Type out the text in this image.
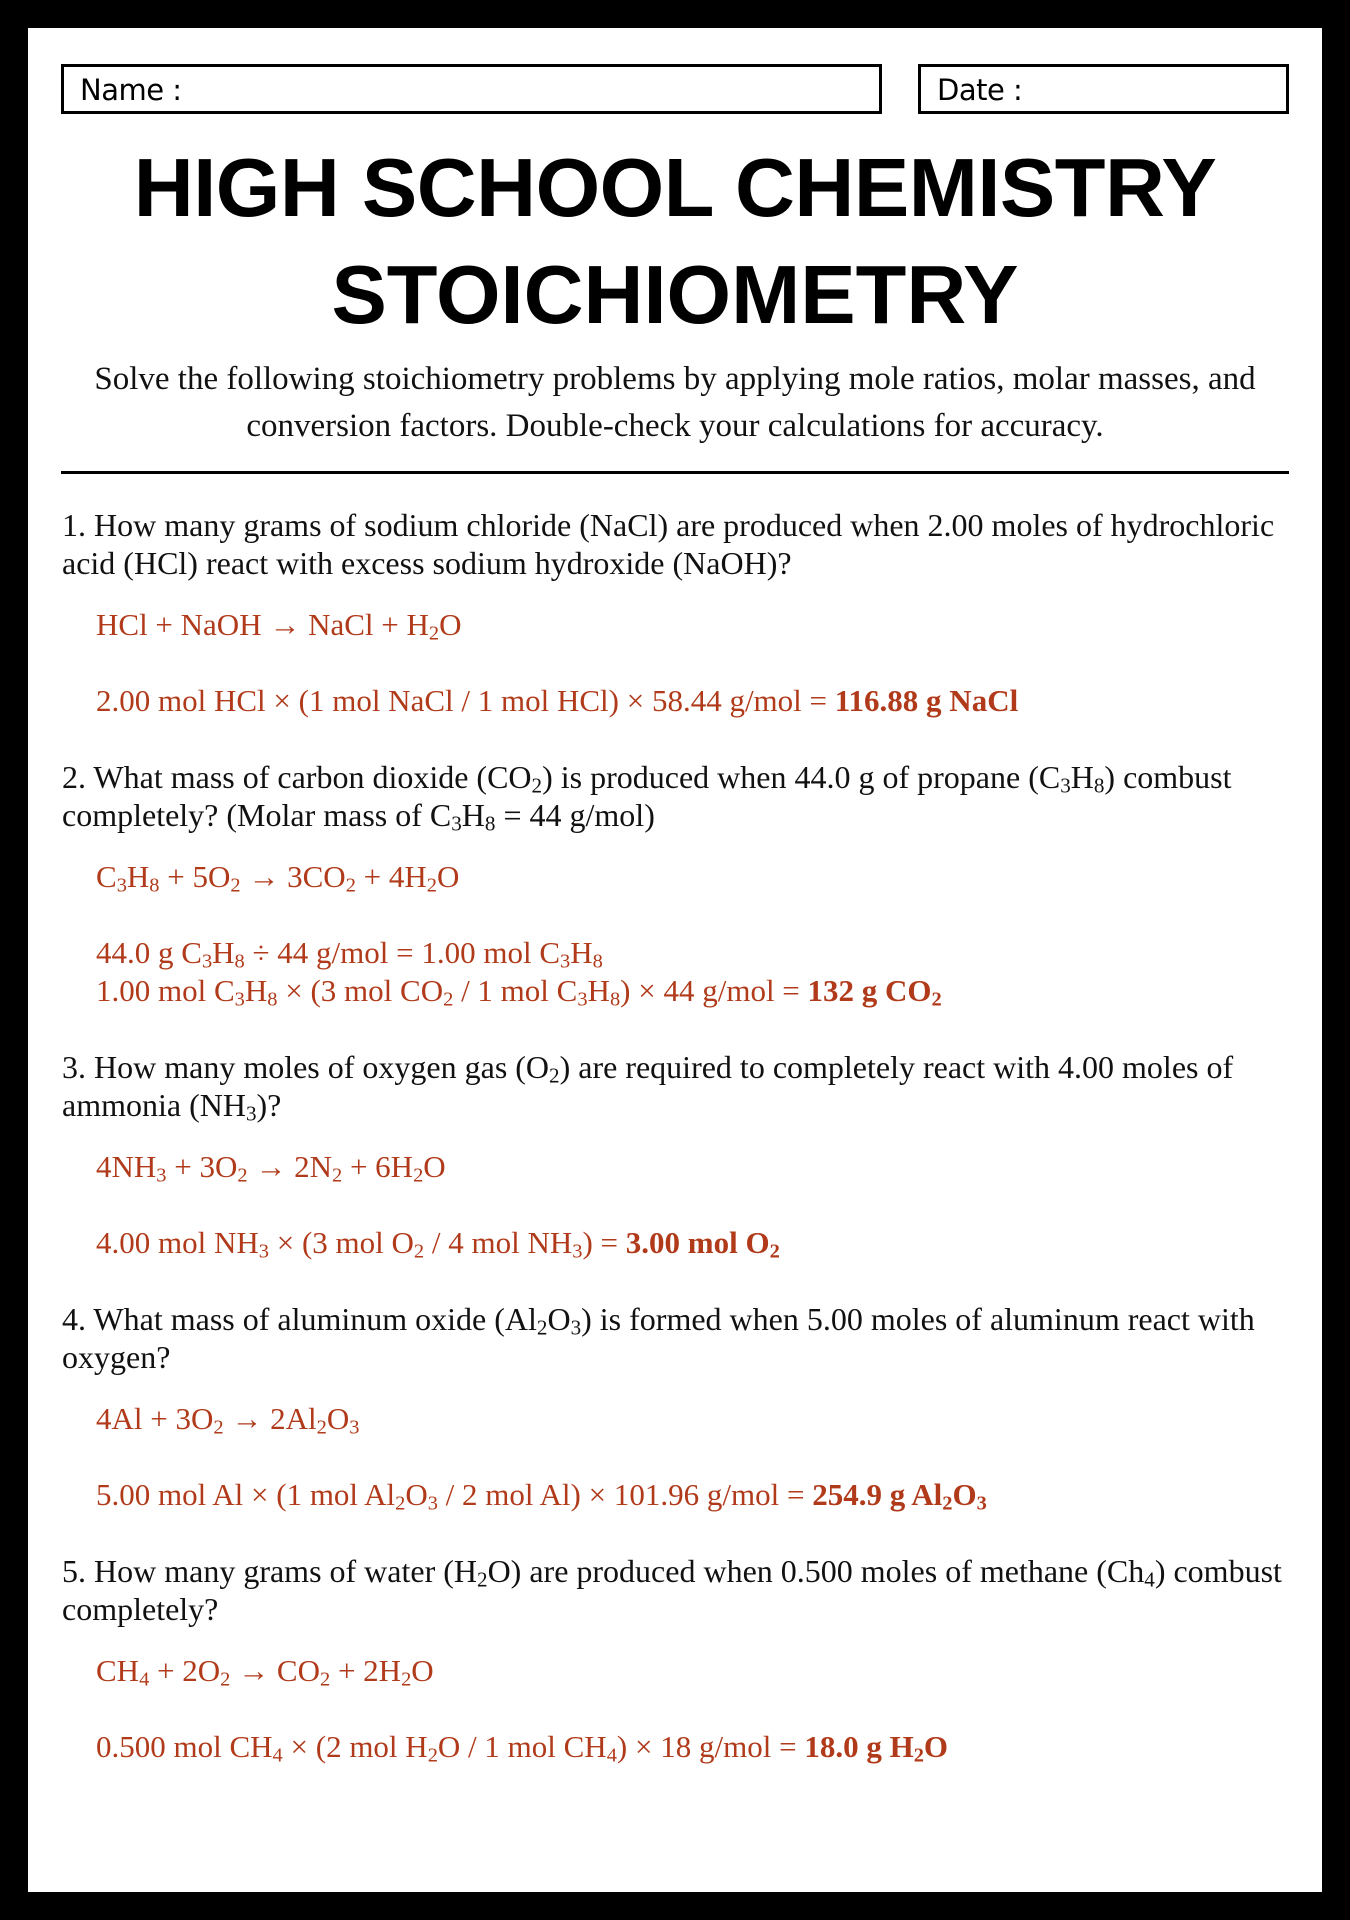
Name :	Date :
HIGH SCHOOL CHEMISTRY
STOICHIOMETRY
Solve the following stoichiometry problems by applying mole ratios, molar masses, and conversion factors. Double-check your calculations for accuracy.

1. How many grams of sodium chloride (NaCl) are produced when 2.00 moles of hydrochloric acid (HCl) react with excess sodium hydroxide (NaOH)?

HCl + NaOH → NaCl + $H_2O$

2.00 mol HCl × (1 mol NaCl / 1 mol HCl) × 58.44 g/mol = 116.88 g NaCl

2. What mass of carbon dioxide $(CO_2)$ is produced when 44.0 g of propane $(C_3H_8)$ combust completely? (Molar mass of $C_3H_8 = 44$ g/mol)

$C_3H_8 + 5O_2 \to 3CO_2 + 4H_2O$

44.0 g $C_3H_8 \div 44$ g/mol = 1.00 mol $C_3H_8$

1.00 mol $C_3H_8 \times (3$ mol $CO_2 / 1$ mol $C_3H_8) \times 44$ g/mol = 132 g $CO_2$

3. How many moles of oxygen gas $(O_2)$ are required to completely react with 4.00 moles of ammonia $(NH_3)$?

$4NH_3 + 3O_2 \to 2N_2 + 6H_2O$

4.00 mol $NH_3 \times (3$ mol $O_2 / 4$ mol $NH_3) = 3.00$ mol $O_2$

4. What mass of aluminum oxide $(Al_2O_3)$ is formed when 5.00 moles of aluminum react with oxygen?

$4Al + 3O_2 \to 2Al_2O_3$

5.00 mol Al × (1 mol $Al_2O_3 / 2$ mol Al) × 101.96 g/mol = 254.9 g $Al_2O_3$

5. How many grams of water $(H_2O)$ are produced when 0.500 moles of methane $(Ch_4)$ combust completely?

$CH_4 + 2O_2 \to CO_2 + 2H_2O$

0.500 mol $CH_4 \times (2$ mol $H_2O / 1$ mol $CH_4) \times 18$ g/mol = 18.0 g $H_2O$
